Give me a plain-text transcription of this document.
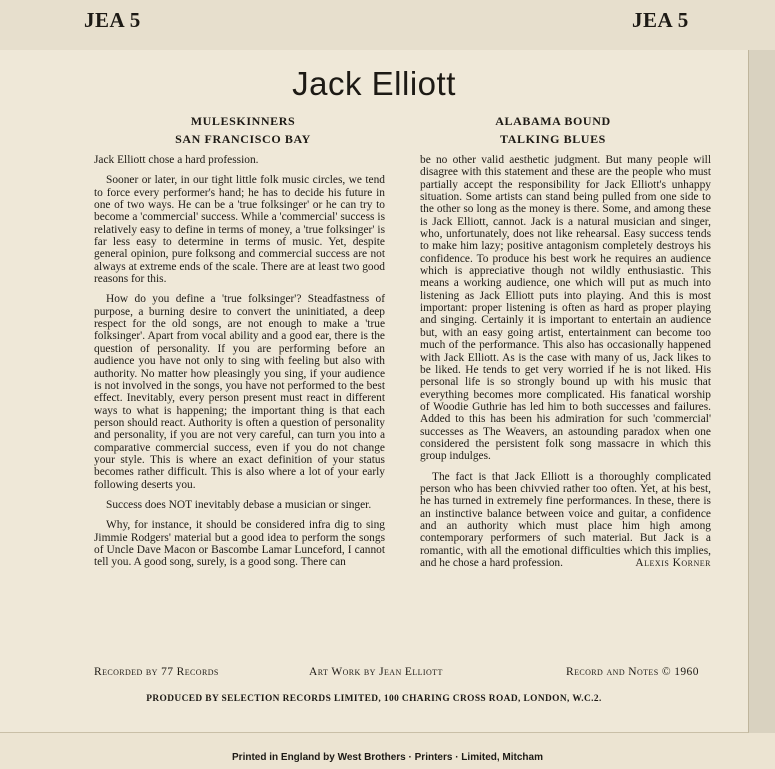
JEA 5	JEA 5
Jack Elliott
MULESKINNERS
SAN FRANCISCO BAY
ALABAMA BOUND
TALKING BLUES

Jack Elliott chose a hard profession.

Sooner or later, in our tight little folk music circles, we tend to force every performer's hand; he has to decide his future in one of two ways. He can be a 'true folksinger' or he can try to become a 'commercial' success. While a 'commercial' success is relatively easy to define in terms of money, a 'true folksinger' is far less easy to determine in terms of music. Yet, despite general opinion, pure folksong and commercial success are not always at extreme ends of the scale. There are at least two good reasons for this.

How do you define a 'true folksinger'? Steadfastness of purpose, a burning desire to convert the uninitiated, a deep respect for the old songs, are not enough to make a 'true folksinger'. Apart from vocal ability and a good ear, there is the question of personality. If you are performing before an audience you have not only to sing with feeling but also with authority. No matter how pleasingly you sing, if your audience is not involved in the songs, you have not performed to the best effect. Inevitably, every person present must react in different ways to what is happening; the important thing is that each person should react. Authority is often a question of personality and personality, if you are not very careful, can turn you into a comparative commercial success, even if you do not change your style. This is where an exact definition of your status becomes rather difficult. This is also where a lot of your early following deserts you.

Success does NOT inevitably debase a musician or singer.

Why, for instance, it should be considered infra dig to sing Jimmie Rodgers' material but a good idea to perform the songs of Uncle Dave Macon or Bascombe Lamar Lunceford, I cannot tell you. A good song, surely, is a good song. There can

be no other valid aesthetic judgment. But many people will disagree with this statement and these are the people who must partially accept the responsibility for Jack Elliott's unhappy situation. Some artists can stand being pulled from one side to the other so long as the money is there. Some, and among these is Jack Elliott, cannot. Jack is a natural musician and singer, who, unfortunately, does not like rehearsal. Easy success tends to make him lazy; positive antagonism completely destroys his confidence. To produce his best work he requires an audience which is appreciative though not wildly enthusiastic. This means a working audience, one which will put as much into listening as Jack Elliott puts into playing. And this is most important: proper listening is often as hard as proper playing and singing. Certainly it is important to entertain an audience but, with an easy going artist, entertainment can become too much of the performance. This also has occasionally happened with Jack Elliott. As is the case with many of us, Jack likes to be liked. He tends to get very worried if he is not liked. His personal life is so strongly bound up with his music that everything becomes more complicated. His fanatical worship of Woodie Guthrie has led him to both successes and failures. Added to this has been his admiration for such 'commercial' successes as The Weavers, an astounding paradox when one considered the persistent folk song massacre in which this group indulges.

The fact is that Jack Elliott is a thoroughly complicated person who has been chivvied rather too often. Yet, at his best, he has turned in extremely fine performances. In these, there is an instinctive balance between voice and guitar, a confidence and an authority which must place him high among contemporary performers of such material. But Jack is a romantic, with all the emotional difficulties which this implies, and he chose a hard profession.	Alexis Korner

Recorded by 77 Records	Art Work by Jean Elliott	Record and Notes © 1960
PRODUCED BY SELECTION RECORDS LIMITED, 100 CHARING CROSS ROAD, LONDON, W.C.2.
Printed in England by West Brothers · Printers · Limited, Mitcham
